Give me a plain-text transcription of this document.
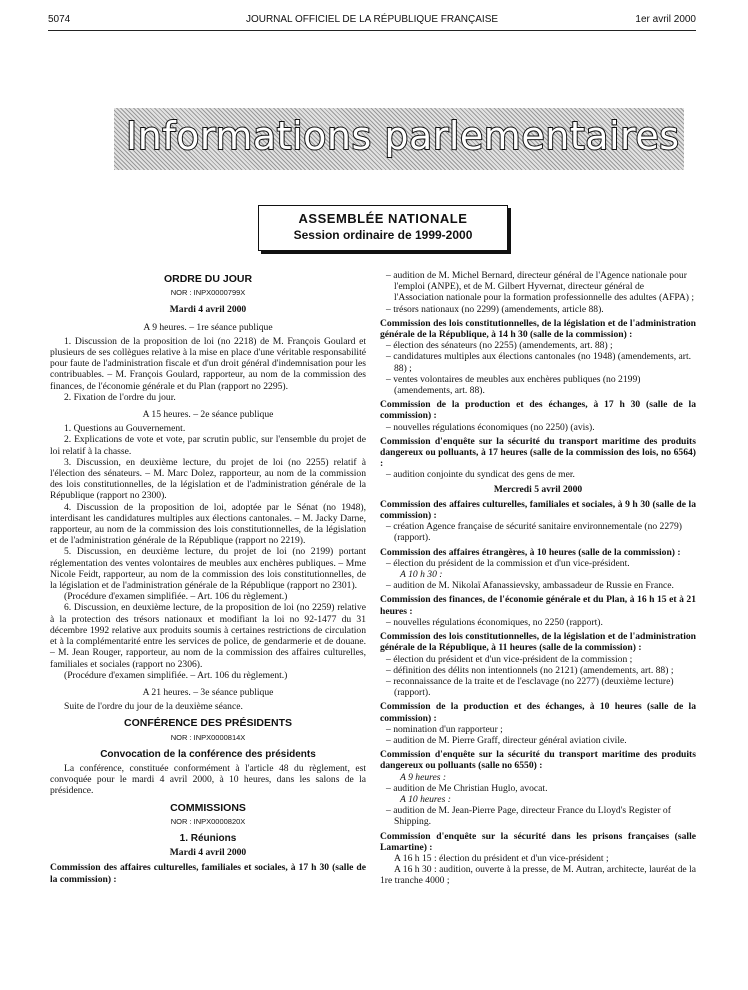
5074	JOURNAL OFFICIEL DE LA RÉPUBLIQUE FRANÇAISE	1er avril 2000
Informations parlementaires
ASSEMBLÉE NATIONALE
Session ordinaire de 1999-2000
ORDRE DU JOUR
NOR : INPX0000799X
Mardi 4 avril 2000
A 9 heures. – 1re séance publique

1. Discussion de la proposition de loi (no 2218) de M. François Goulard et plusieurs de ses collègues relative à la mise en place d'une véritable responsabilité pour faute de l'administration fiscale et d'un droit général d'indemnisation pour les contribuables. – M. François Goulard, rapporteur, au nom de la commission des finances, de l'économie générale et du Plan (rapport no 2295).

2. Fixation de l'ordre du jour.

A 15 heures. – 2e séance publique

1. Questions au Gouvernement.

2. Explications de vote et vote, par scrutin public, sur l'ensemble du projet de loi relatif à la chasse.

3. Discussion, en deuxième lecture, du projet de loi (no 2255) relatif à l'élection des sénateurs. – M. Marc Dolez, rapporteur, au nom de la commission des lois constitutionnelles, de la législation et de l'administration générale de la République (rapport no 2300).

4. Discussion de la proposition de loi, adoptée par le Sénat (no 1948), interdisant les candidatures multiples aux élections cantonales. – M. Jacky Darne, rapporteur, au nom de la commission des lois constitutionnelles, de la législation et de l'administration générale de la République (rapport no 2219).

5. Discussion, en deuxième lecture, du projet de loi (no 2199) portant réglementation des ventes volontaires de meubles aux enchères publiques. – Mme Nicole Feidt, rapporteur, au nom de la commission des lois constitutionnelles, de la législation et de l'administration générale de la République (rapport no 2301).

(Procédure d'examen simplifiée. – Art. 106 du règlement.)

6. Discussion, en deuxième lecture, de la proposition de loi (no 2259) relative à la protection des trésors nationaux et modifiant la loi no 92-1477 du 31 décembre 1992 relative aux produits soumis à certaines restrictions de circulation et à la complémentarité entre les services de police, de gendarmerie et de douane. – M. Jean Rouger, rapporteur, au nom de la commission des affaires culturelles, familiales et sociales (rapport no 2306).

(Procédure d'examen simplifiée. – Art. 106 du règlement.)

A 21 heures. – 3e séance publique

Suite de l'ordre du jour de la deuxième séance.

CONFÉRENCE DES PRÉSIDENTS
NOR : INPX0000814X
Convocation de la conférence des présidents

La conférence, constituée conformément à l'article 48 du règlement, est convoquée pour le mardi 4 avril 2000, à 10 heures, dans les salons de la présidence.

COMMISSIONS
NOR : INPX0000820X
1. Réunions
Mardi 4 avril 2000

Commission des affaires culturelles, familiales et sociales, à 17 h 30 (salle de la commission) :

– audition de M. Michel Bernard, directeur général de l'Agence nationale pour l'emploi (ANPE), et de M. Gilbert Hyvernat, directeur général de l'Association nationale pour la formation professionnelle des adultes (AFPA) ;

– trésors nationaux (no 2299) (amendements, article 88).

Commission des lois constitutionnelles, de la législation et de l'administration générale de la République, à 14 h 30 (salle de la commission) :

– élection des sénateurs (no 2255) (amendements, art. 88) ;

– candidatures multiples aux élections cantonales (no 1948) (amendements, art. 88) ;

– ventes volontaires de meubles aux enchères publiques (no 2199) (amendements, art. 88).

Commission de la production et des échanges, à 17 h 30 (salle de la commission) :

– nouvelles régulations économiques (no 2250) (avis).

Commission d'enquête sur la sécurité du transport maritime des produits dangereux ou polluants, à 17 heures (salle de la commission des lois, no 6564) :

– audition conjointe du syndicat des gens de mer.

Mercredi 5 avril 2000

Commission des affaires culturelles, familiales et sociales, à 9 h 30 (salle de la commission) :

– création Agence française de sécurité sanitaire environnementale (no 2279) (rapport).

Commission des affaires étrangères, à 10 heures (salle de la commission) :

– élection du président de la commission et d'un vice-président.

A 10 h 30 :

– audition de M. Nikolaï Afanassievsky, ambassadeur de Russie en France.

Commission des finances, de l'économie générale et du Plan, à 16 h 15 et à 21 heures :

– nouvelles régulations économiques, no 2250 (rapport).

Commission des lois constitutionnelles, de la législation et de l'administration générale de la République, à 11 heures (salle de la commission) :

– élection du président et d'un vice-président de la commission ;

– définition des délits non intentionnels (no 2121) (amendements, art. 88) ;

– reconnaissance de la traite et de l'esclavage (no 2277) (deuxième lecture) (rapport).

Commission de la production et des échanges, à 10 heures (salle de la commission) :

– nomination d'un rapporteur ;

– audition de M. Pierre Graff, directeur général aviation civile.

Commission d'enquête sur la sécurité du transport maritime des produits dangereux ou polluants (salle no 6550) :

A 9 heures :

– audition de Me Christian Huglo, avocat.

A 10 heures :

– audition de M. Jean-Pierre Page, directeur France du Lloyd's Register of Shipping.

Commission d'enquête sur la sécurité dans les prisons françaises (salle Lamartine) :

A 16 h 15 : élection du président et d'un vice-président ;

A 16 h 30 : audition, ouverte à la presse, de M. Autran, architecte, lauréat de la 1re tranche 4000 ;
